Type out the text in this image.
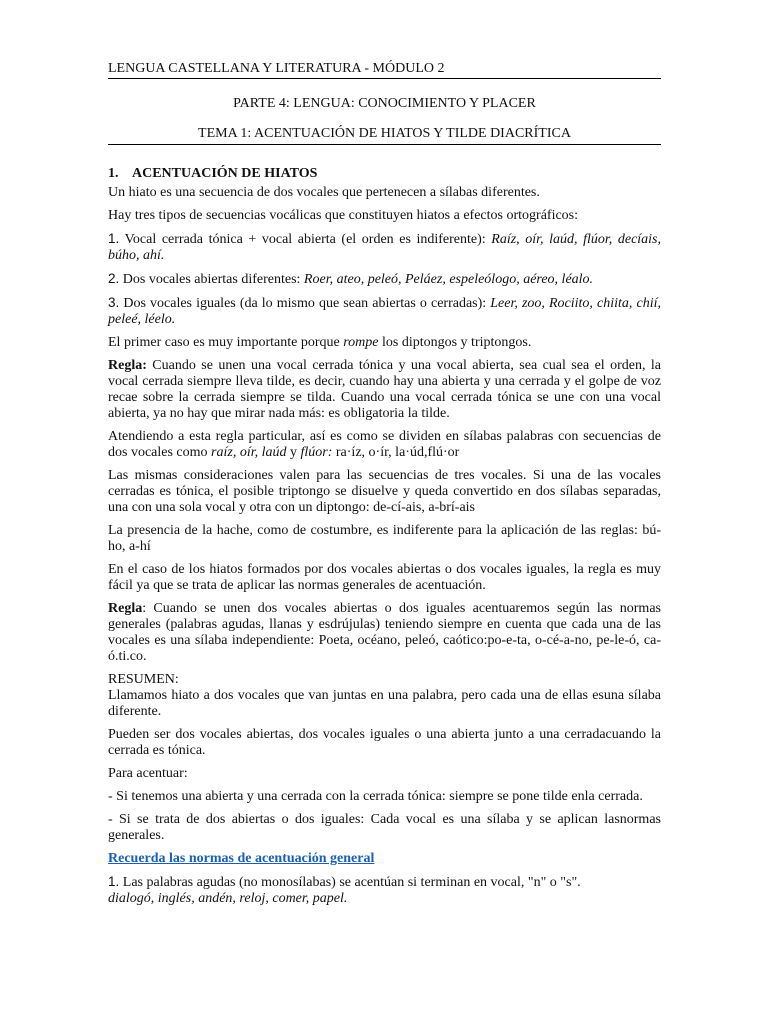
LENGUA CASTELLANA Y LITERATURA - MÓDULO 2
PARTE 4: LENGUA: CONOCIMIENTO Y PLACER
TEMA 1: ACENTUACIÓN DE HIATOS Y TILDE DIACRÍTICA
1. ACENTUACIÓN DE HIATOS

Un hiato es una secuencia de dos vocales que pertenecen a sílabas diferentes.

Hay tres tipos de secuencias vocálicas que constituyen hiatos a efectos ortográficos:

1. Vocal cerrada tónica + vocal abierta (el orden es indiferente): Raíz, oír, laúd, flúor, decíais, búho, ahí.

2. Dos vocales abiertas diferentes: Roer, ateo, peleó, Peláez, espeleólogo, aéreo, léalo.

3. Dos vocales iguales (da lo mismo que sean abiertas o cerradas): Leer, zoo, Rociito, chiita, chií, peleé, léelo.

El primer caso es muy importante porque rompe los diptongos y triptongos.

Regla: Cuando se unen una vocal cerrada tónica y una vocal abierta, sea cual sea el orden, la vocal cerrada siempre lleva tilde, es decir, cuando hay una abierta y una cerrada y el golpe de voz recae sobre la cerrada siempre se tilda. Cuando una vocal cerrada tónica se une con una vocal abierta, ya no hay que mirar nada más: es obligatoria la tilde.

Atendiendo a esta regla particular, así es como se dividen en sílabas palabras con secuencias de dos vocales como raíz, oír, laúd y flúor: ra·íz, o·ír, la·úd,flú·or

Las mismas consideraciones valen para las secuencias de tres vocales. Si una de las vocales cerradas es tónica, el posible triptongo se disuelve y queda convertido en dos sílabas separadas, una con una sola vocal y otra con un diptongo: de-cí-ais, a-brí-ais

La presencia de la hache, como de costumbre, es indiferente para la aplicación de las reglas: bú-ho, a-hí

En el caso de los hiatos formados por dos vocales abiertas o dos vocales iguales, la regla es muy fácil ya que se trata de aplicar las normas generales de acentuación.

Regla: Cuando se unen dos vocales abiertas o dos iguales acentuaremos según las normas generales (palabras agudas, llanas y esdrújulas) teniendo siempre en cuenta que cada una de las vocales es una sílaba independiente: Poeta, océano, peleó, caótico:po-e-ta, o-cé-a-no, pe-le-ó, ca-ó.ti.co.

RESUMEN:

Llamamos hiato a dos vocales que van juntas en una palabra, pero cada una de ellas esuna sílaba diferente.

Pueden ser dos vocales abiertas, dos vocales iguales o una abierta junto a una cerradacuando la cerrada es tónica.

Para acentuar:

- Si tenemos una abierta y una cerrada con la cerrada tónica: siempre se pone tilde enla cerrada.

- Si se trata de dos abiertas o dos iguales: Cada vocal es una sílaba y se aplican lasnormas generales.

Recuerda las normas de acentuación general

1. Las palabras agudas (no monosílabas) se acentúan si terminan en vocal, "n" o "s".

dialogó, inglés, andén, reloj, comer, papel.
